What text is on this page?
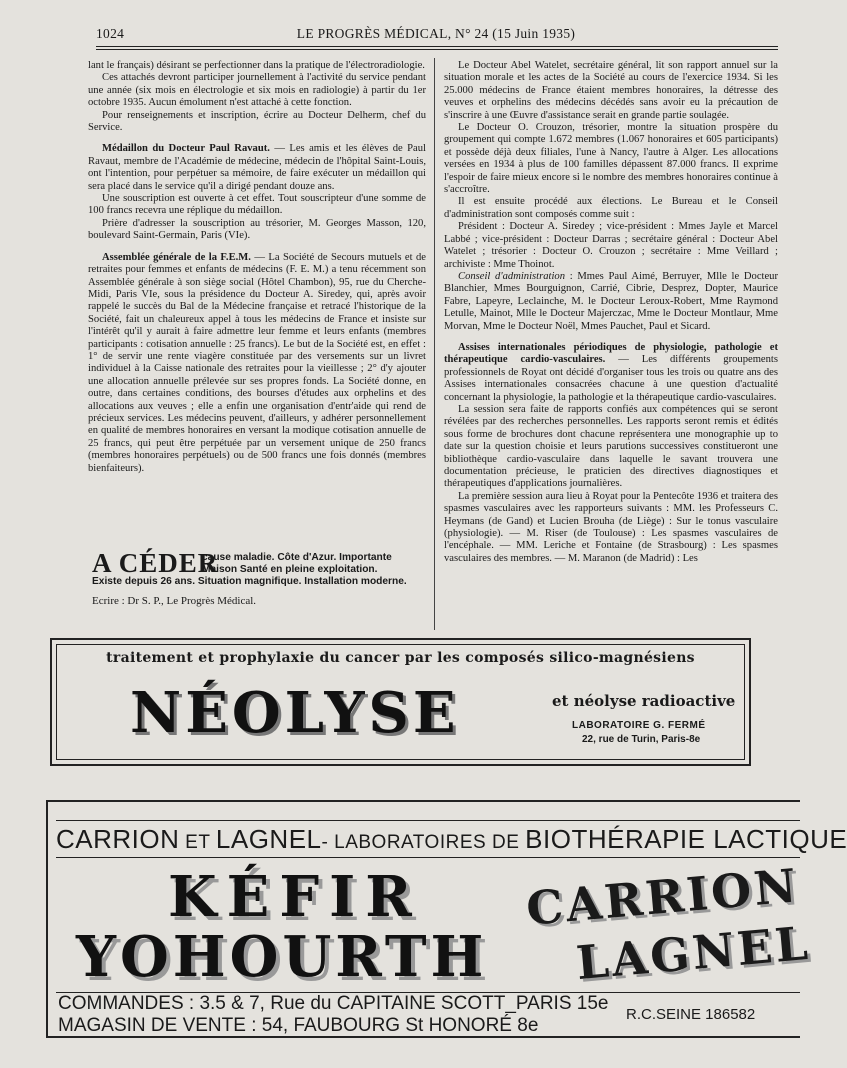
1024	LE PROGRÈS MÉDICAL, N° 24 (15 Juin 1935)

lant le français) désirant se perfectionner dans la pratique de l'électroradiologie.

Ces attachés devront participer journellement à l'activité du service pendant une année (six mois en électrologie et six mois en radiologie) à partir du 1er octobre 1935. Aucun émolument n'est attaché à cette fonction.

Pour renseignements et inscription, écrire au Docteur Delherm, chef du Service.

Médaillon du Docteur Paul Ravaut. — Les amis et les élèves de Paul Ravaut, membre de l'Académie de médecine, médecin de l'hôpital Saint-Louis, ont l'intention, pour perpétuer sa mémoire, de faire exécuter un médaillon qui sera placé dans le service qu'il a dirigé pendant douze ans.

Une souscription est ouverte à cet effet. Tout souscripteur d'une somme de 100 francs recevra une réplique du médaillon.

Prière d'adresser la souscription au trésorier, M. Georges Masson, 120, boulevard Saint-Germain, Paris (VIe).

Assemblée générale de la F.E.M. — La Société de Secours mutuels et de retraites pour femmes et enfants de médecins (F. E. M.) a tenu récemment son Assemblée générale à son siège social (Hôtel Chambon), 95, rue du Cherche-Midi, Paris VIe, sous la présidence du Docteur A. Siredey, qui, après avoir rappelé le succès du Bal de la Médecine française et retracé l'historique de la Société, fait un chaleureux appel à tous les médecins de France et insiste sur l'intérêt qu'il y aurait à faire admettre leur femme et leurs enfants (membres participants : cotisation annuelle : 25 francs). Le but de la Société est, en effet : 1° de servir une rente viagère constituée par des versements sur un livret individuel à la Caisse nationale des retraites pour la vieillesse ; 2° d'y ajouter une allocation annuelle prélevée sur ses propres fonds. La Société donne, en outre, dans certaines conditions, des bourses d'études aux orphelins et des allocations aux veuves ; elle a enfin une organisation d'entr'aide qui rend de précieux services. Les médecins peuvent, d'ailleurs, y adhérer personnellement en qualité de membres honoraires en versant la modique cotisation annuelle de 25 francs, qui peut être perpétuée par un versement unique de 250 francs (membres honoraires perpétuels) ou de 500 francs une fois donnés (membres bienfaiteurs).

Le Docteur Abel Watelet, secrétaire général, lit son rapport annuel sur la situation morale et les actes de la Société au cours de l'exercice 1934. Si les 25.000 médecins de France étaient membres honoraires, la détresse des veuves et orphelins des médecins décédés sans avoir eu la précaution de s'inscrire à une Œuvre d'assistance serait en grande partie soulagée.

Le Docteur O. Crouzon, trésorier, montre la situation prospère du groupement qui compte 1.672 membres (1.067 honoraires et 605 participants) et possède déjà deux filiales, l'une à Nancy, l'autre à Alger. Les allocations versées en 1934 à plus de 100 familles dépassent 87.000 francs. Il exprime l'espoir de faire mieux encore si le nombre des membres honoraires continue à s'accroître.

Il est ensuite procédé aux élections. Le Bureau et le Conseil d'administration sont composés comme suit :

Président : Docteur A. Siredey ; vice-président : Mmes Jayle et Marcel Labbé ; vice-président : Docteur Darras ; secrétaire général : Docteur Abel Watelet ; trésorier : Docteur O. Crouzon ; secrétaire : Mme Veillard ; archiviste : Mme Thoinot.

Conseil d'administration : Mmes Paul Aimé, Berruyer, Mlle le Docteur Blanchier, Mmes Bourguignon, Carrié, Cibrie, Desprez, Dopter, Maurice Fabre, Lapeyre, Leclainche, M. le Docteur Leroux-Robert, Mme Raymond Letulle, Mainot, Mlle le Docteur Majerczac, Mme le Docteur Montlaur, Mme Morvan, Mme le Docteur Noël, Mmes Pauchet, Paul et Sicard.

Assises internationales périodiques de physiologie, pathologie et thérapeutique cardio-vasculaires. — Les différents groupements professionnels de Royat ont décidé d'organiser tous les trois ou quatre ans des Assises internationales consacrées chacune à une question d'actualité concernant la physiologie, la pathologie et la thérapeutique cardio-vasculaires.

La session sera faite de rapports confiés aux compétences qui se seront révélées par des recherches personnelles. Les rapports seront remis et édités sous forme de brochures dont chacune représentera une monographie up to date sur la question choisie et leurs parutions successives constitueront une bibliothèque cardio-vasculaire dans laquelle le savant trouvera une documentation précieuse, le praticien des directives diagnostiques et thérapeutiques d'applications journalières.

La première session aura lieu à Royat pour la Pentecôte 1936 et traitera des spasmes vasculaires avec les rapporteurs suivants : MM. les Professeurs C. Heymans (de Gand) et Lucien Brouha (de Liège) : Sur le tonus vasculaire (physiologie). — M. Riser (de Toulouse) : Les spasmes vasculaires de l'encéphale. — MM. Leriche et Fontaine (de Strasbourg) : Les spasmes vasculaires des membres. — M. Maranon (de Madrid) : Les

A CÉDER
cause maladie. Côte d'Azur. Importante Maison Santé en pleine exploitation.
Existe depuis 26 ans. Situation magnifique. Installation moderne.
Ecrire : Dr S. P., Le Progrès Médical.
traitement et prophylaxie du cancer par les composés silico-magnésiens
NÉOLYSE	et néolyse radioactive
LABORATOIRE G. FERMÉ
22, rue de Turin, Paris-8e
CARRION ET LAGNEL- LABORATOIRES DE BIOTHÉRAPIE LACTIQUE
KÉFIR
YOHOURTH
CARRION
LAGNEL
COMMANDES : 3.5 & 7, Rue du CAPITAINE SCOTT_PARIS 15e
MAGASIN DE VENTE : 54, FAUBOURG St HONORÉ 8e
R.C.SEINE 186582
